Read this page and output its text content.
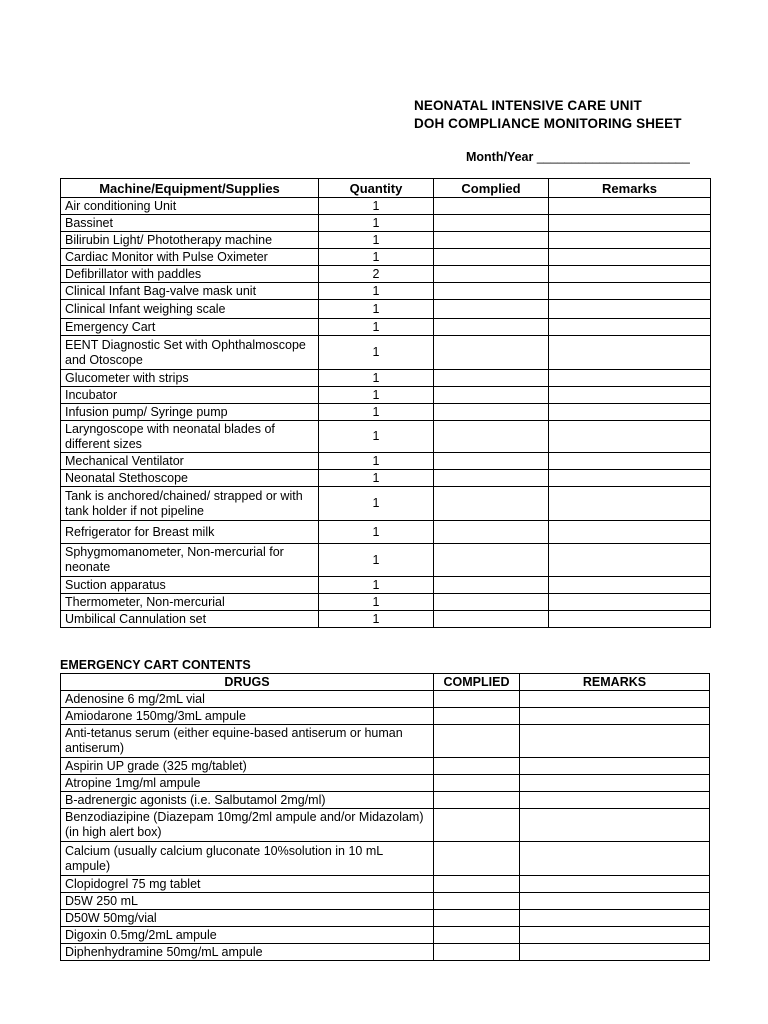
NEONATAL INTENSIVE CARE UNIT
DOH COMPLIANCE MONITORING SHEET
Month/Year ______________________
Machine/Equipment/Supplies	Quantity	Complied	Remarks
Air conditioning Unit	1		
Bassinet	1		
Bilirubin Light/ Phototherapy machine	1		
Cardiac Monitor with Pulse Oximeter	1		
Defibrillator with paddles	2		
Clinical Infant Bag-valve mask unit	1		
Clinical Infant weighing scale	1		
Emergency Cart	1		
EENT Diagnostic Set with Ophthalmoscope and Otoscope	1		
Glucometer with strips	1		
Incubator	1		
Infusion pump/ Syringe pump	1		
Laryngoscope with neonatal blades of different sizes	1		
Mechanical Ventilator	1		
Neonatal Stethoscope	1		
Tank is anchored/chained/ strapped or with tank holder if not pipeline	1		
Refrigerator for Breast milk	1		
Sphygmomanometer, Non-mercurial for neonate	1		
Suction apparatus	1		
Thermometer, Non-mercurial	1		
Umbilical Cannulation set	1		
EMERGENCY CART CONTENTS
DRUGS	COMPLIED	REMARKS
Adenosine 6 mg/2mL vial		
Amiodarone 150mg/3mL ampule		
Anti-tetanus serum (either equine-based antiserum or human antiserum)		
Aspirin UP grade (325 mg/tablet)		
Atropine 1mg/ml ampule		
B-adrenergic agonists (i.e. Salbutamol 2mg/ml)		
Benzodiazipine (Diazepam 10mg/2ml ampule and/or Midazolam) (in high alert box)		
Calcium (usually calcium gluconate 10%solution in 10 mL ampule)		
Clopidogrel 75 mg tablet		
D5W 250 mL		
D50W 50mg/vial		
Digoxin 0.5mg/2mL ampule		
Diphenhydramine 50mg/mL ampule		
